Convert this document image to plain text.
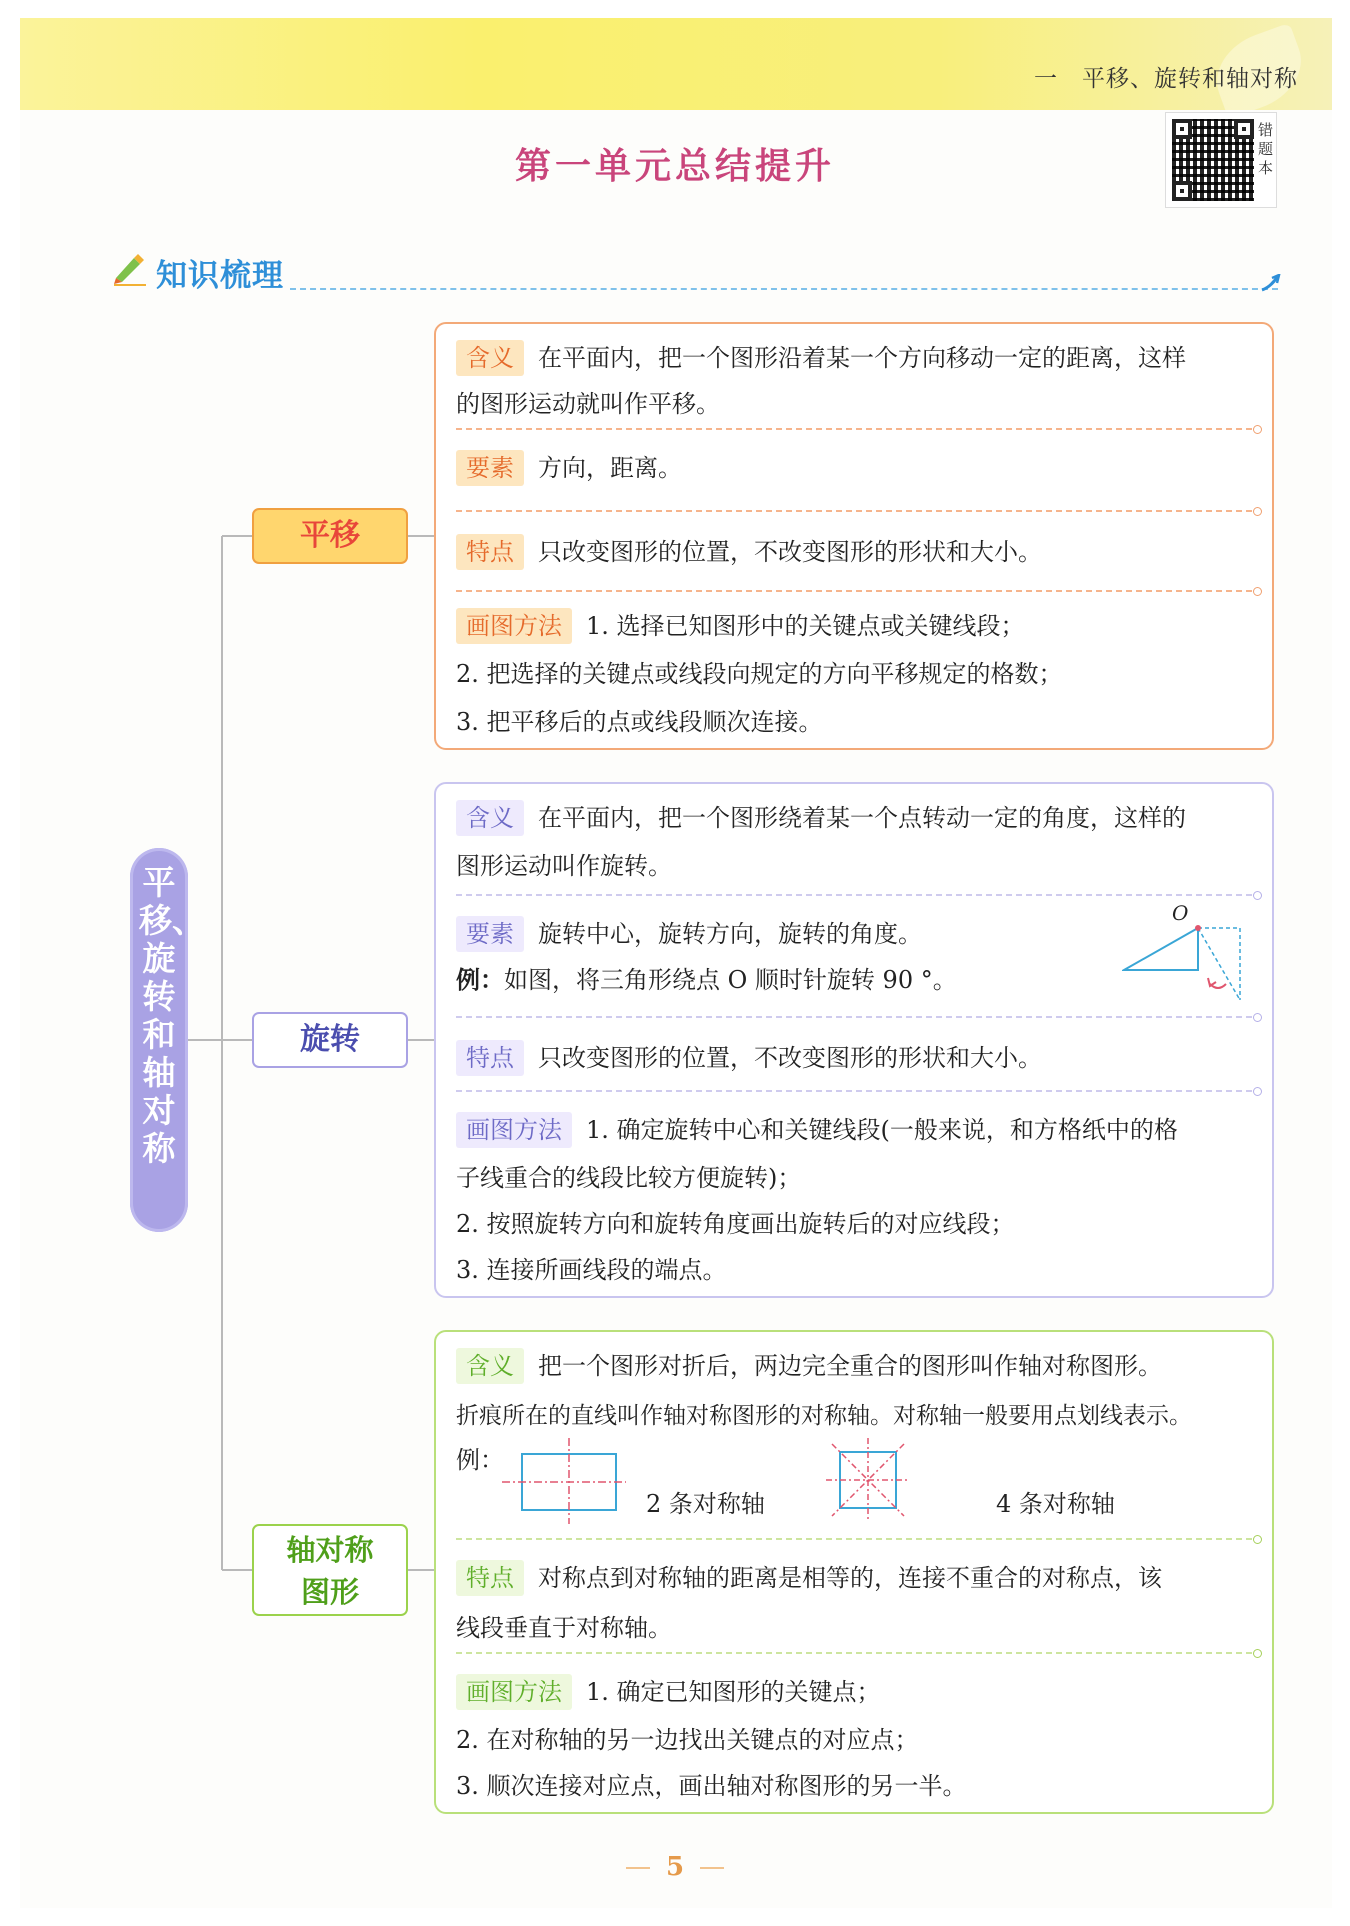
一　平移、旋转和轴对称
第一单元总结提升
错题本
知识梳理
平移、旋转和轴对称
平移
旋转
轴对称
图形
含义 在平面内，把一个图形沿着某一个方向移动一定的距离，这样
的图形运动就叫作平移。
要素 方向，距离。
特点 只改变图形的位置，不改变图形的形状和大小。
画图方法 1. 选择已知图形中的关键点或关键线段；
2. 把选择的关键点或线段向规定的方向平移规定的格数；
3. 把平移后的点或线段顺次连接。
含义 在平面内，把一个图形绕着某一个点转动一定的角度，这样的
图形运动叫作旋转。
要素 旋转中心，旋转方向，旋转的角度。
例：如图，将三角形绕点 O 顺时针旋转 90 °。
O
特点 只改变图形的位置，不改变图形的形状和大小。
画图方法 1. 确定旋转中心和关键线段(一般来说，和方格纸中的格
子线重合的线段比较方便旋转)；
2. 按照旋转方向和旋转角度画出旋转后的对应线段；
3. 连接所画线段的端点。
含义 把一个图形对折后，两边完全重合的图形叫作轴对称图形。
折痕所在的直线叫作轴对称图形的对称轴。对称轴一般要用点划线表示。
例：
2 条对称轴	4 条对称轴
特点 对称点到对称轴的距离是相等的，连接不重合的对称点，该
线段垂直于对称轴。
画图方法 1. 确定已知图形的关键点；
2. 在对称轴的另一边找出关键点的对应点；
3. 顺次连接对应点，画出轴对称图形的另一半。
5
